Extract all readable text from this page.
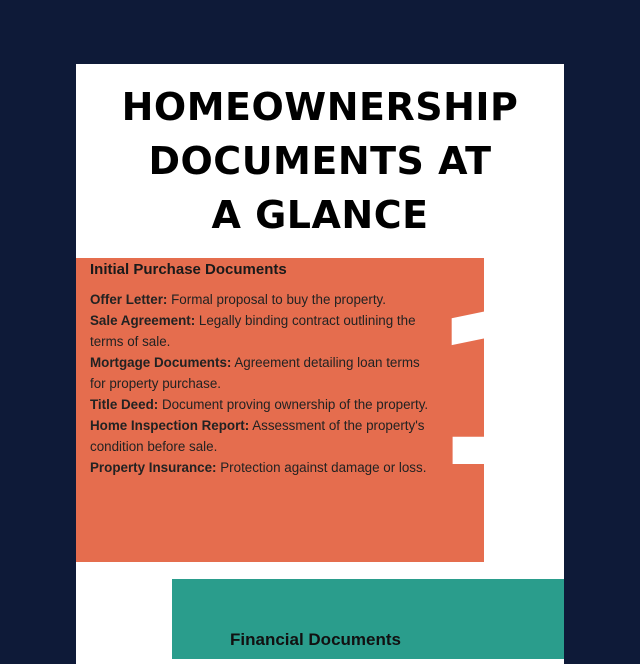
HOMEOWNERSHIP
DOCUMENTS AT
A GLANCE
1
Initial Purchase Documents
Offer Letter: Formal proposal to buy the property.
Sale Agreement: Legally binding contract outlining the terms of sale.
Mortgage Documents: Agreement detailing loan terms for property purchase.
Title Deed: Document proving ownership of the property.
Home Inspection Report: Assessment of the property's condition before sale.
Property Insurance: Protection against damage or loss.
Financial Documents
